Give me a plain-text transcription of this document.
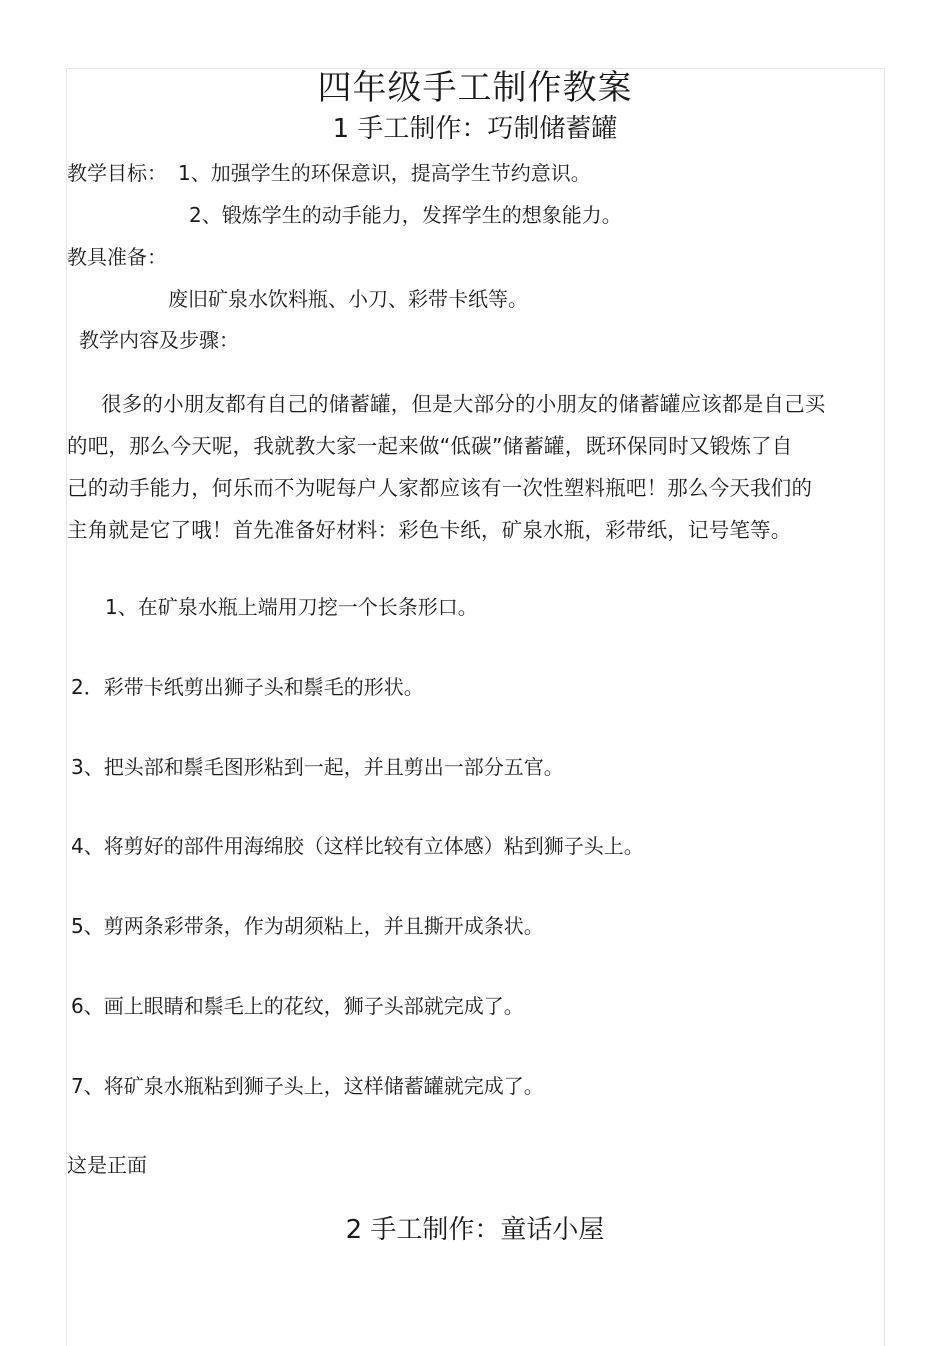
四年级手工制作教案
1 手工制作：巧制储蓄罐
教学目标： 1、加强学生的环保意识，提高学生节约意识。
2、锻炼学生的动手能力，发挥学生的想象能力。
教具准备：
废旧矿泉水饮料瓶、小刀、彩带卡纸等。
教学内容及步骤：
很多的小朋友都有自己的储蓄罐，但是大部分的小朋友的储蓄罐应该都是自己买
的吧，那么今天呢，我就教大家一起来做“低碳”储蓄罐，既环保同时又锻炼了自
己的动手能力，何乐而不为呢每户人家都应该有一次性塑料瓶吧！那么今天我们的
主角就是它了哦！首先准备好材料：彩色卡纸，矿泉水瓶，彩带纸，记号笔等。
1、在矿泉水瓶上端用刀挖一个长条形口。
2．彩带卡纸剪出狮子头和鬃毛的形状。
3、把头部和鬃毛图形粘到一起，并且剪出一部分五官。
4、将剪好的部件用海绵胶（这样比较有立体感）粘到狮子头上。
5、剪两条彩带条，作为胡须粘上，并且撕开成条状。
6、画上眼睛和鬃毛上的花纹，狮子头部就完成了。
7、将矿泉水瓶粘到狮子头上，这样储蓄罐就完成了。
这是正面
2 手工制作：童话小屋
